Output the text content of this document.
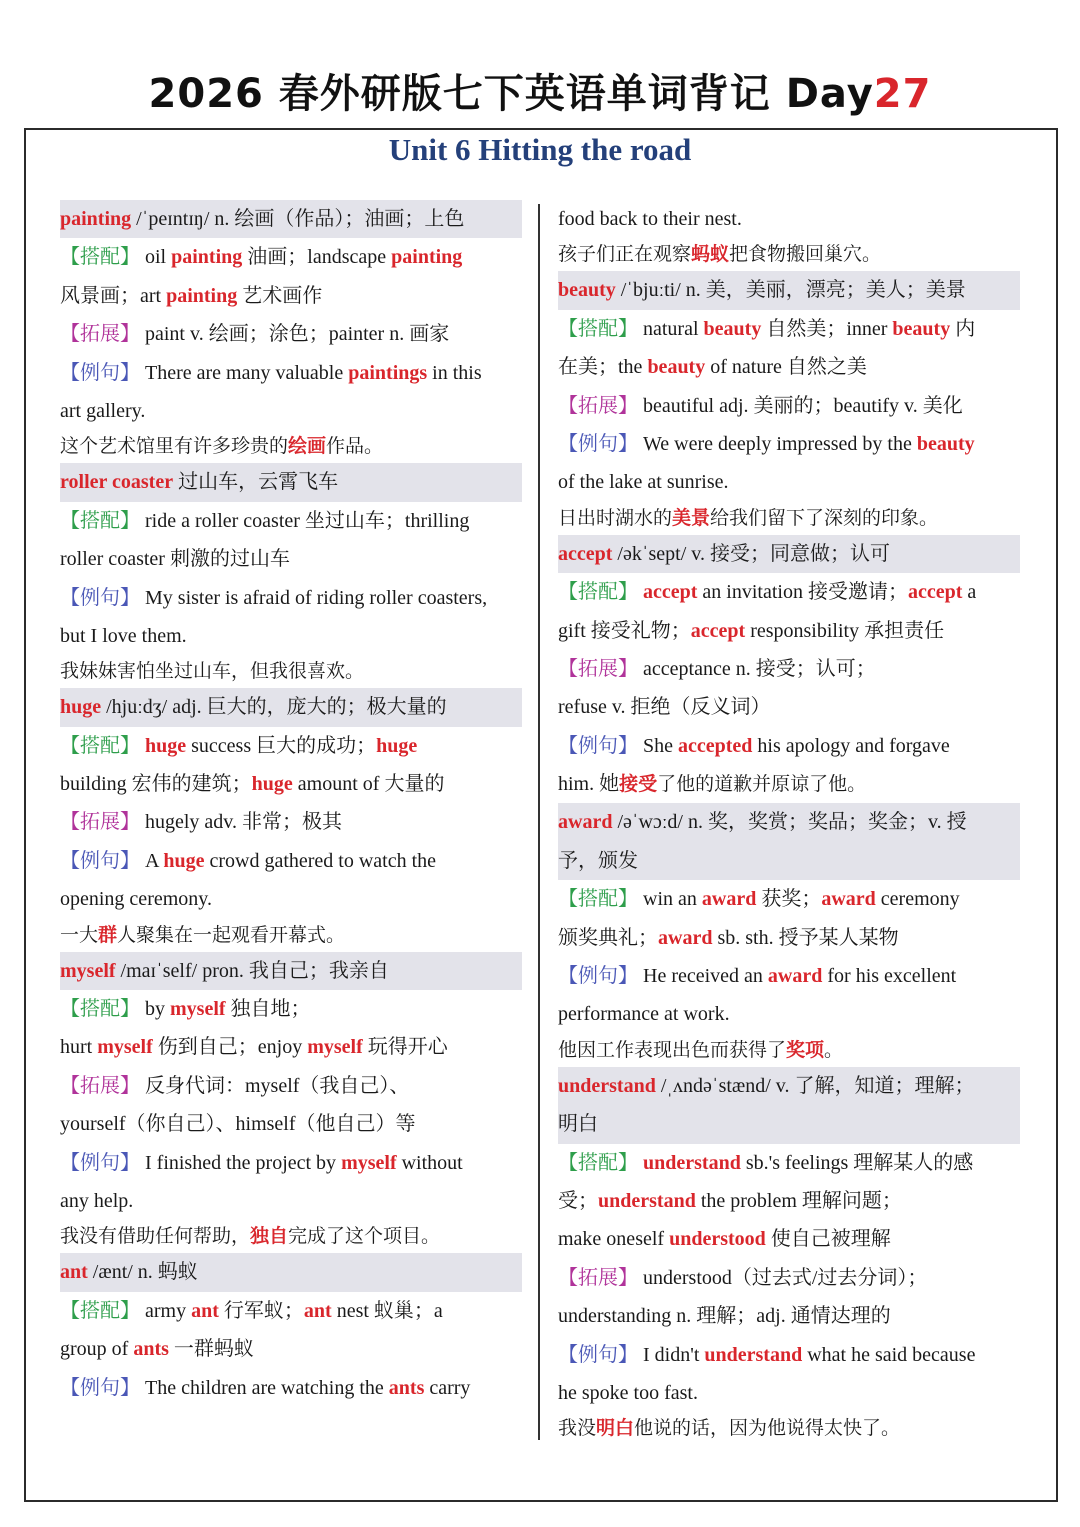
2026 春外研版七下英语单词背记 Day27
Unit 6 Hitting the road
painting /ˈpeɪntɪŋ/ n. 绘画（作品）；油画；上色
【搭配】 oil painting 油画；landscape painting
风景画；art painting 艺术画作
【拓展】 paint v. 绘画；涂色；painter n. 画家
【例句】 There are many valuable paintings in this
art gallery.
这个艺术馆里有许多珍贵的绘画作品。
roller coaster 过山车，云霄飞车
【搭配】 ride a roller coaster 坐过山车；thrilling
roller coaster 刺激的过山车
【例句】 My sister is afraid of riding roller coasters,
but I love them.
我妹妹害怕坐过山车，但我很喜欢。
huge /hjuːdʒ/ adj. 巨大的，庞大的；极大量的
【搭配】 huge success 巨大的成功；huge
building 宏伟的建筑；huge amount of 大量的
【拓展】 hugely adv. 非常；极其
【例句】 A huge crowd gathered to watch the
opening ceremony.
一大群人聚集在一起观看开幕式。
myself /maɪˈself/ pron. 我自己；我亲自
【搭配】 by myself 独自地；
hurt myself 伤到自己；enjoy myself 玩得开心
【拓展】 反身代词：myself（我自己）、
yourself（你自己）、himself（他自己）等
【例句】 I finished the project by myself without
any help.
我没有借助任何帮助，独自完成了这个项目。
ant /ænt/ n. 蚂蚁
【搭配】 army ant 行军蚁；ant nest 蚁巢；a
group of ants 一群蚂蚁
【例句】 The children are watching the ants carry
food back to their nest.
孩子们正在观察蚂蚁把食物搬回巢穴。
beauty /ˈbjuːti/ n. 美，美丽，漂亮；美人；美景
【搭配】 natural beauty 自然美；inner beauty 内
在美；the beauty of nature 自然之美
【拓展】 beautiful adj. 美丽的；beautify v. 美化
【例句】 We were deeply impressed by the beauty
of the lake at sunrise.
日出时湖水的美景给我们留下了深刻的印象。
accept /əkˈsept/ v. 接受；同意做；认可
【搭配】 accept an invitation 接受邀请；accept a
gift 接受礼物；accept responsibility 承担责任
【拓展】 acceptance n. 接受；认可；
refuse v. 拒绝（反义词）
【例句】 She accepted his apology and forgave
him. 她接受了他的道歉并原谅了他。
award /əˈwɔːd/ n. 奖，奖赏；奖品；奖金；v. 授
予，颁发
【搭配】 win an award 获奖；award ceremony
颁奖典礼；award sb. sth. 授予某人某物
【例句】 He received an award for his excellent
performance at work.
他因工作表现出色而获得了奖项。
understand /ˌʌndəˈstænd/ v. 了解，知道；理解；
明白
【搭配】 understand sb.'s feelings 理解某人的感
受；understand the problem 理解问题；
make oneself understood 使自己被理解
【拓展】 understood（过去式/过去分词）；
understanding n. 理解；adj. 通情达理的
【例句】 I didn't understand what he said because
he spoke too fast.
我没明白他说的话，因为他说得太快了。
